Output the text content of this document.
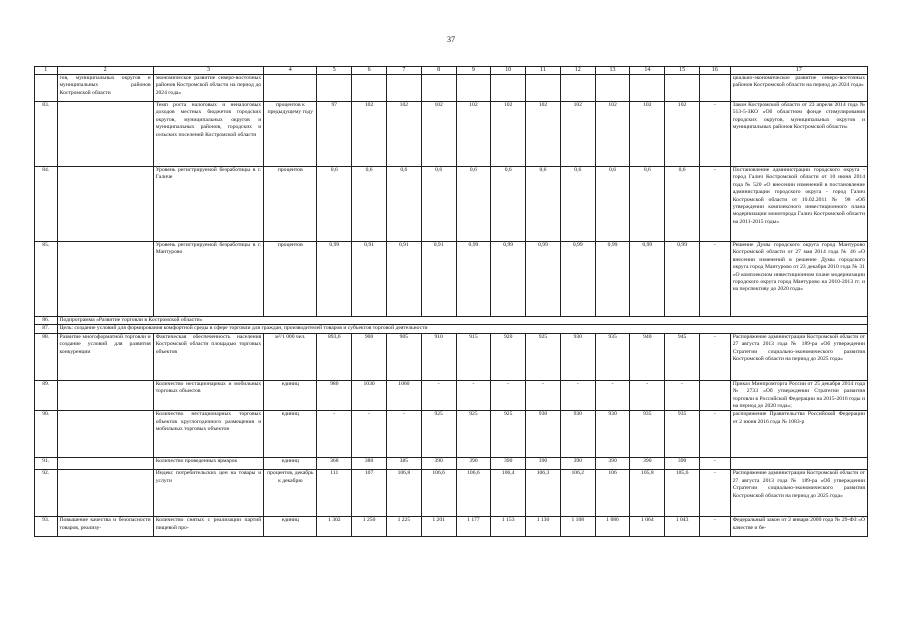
37
1	2	3	4	5	6	7	8	9	10	11	12	13	14	15	16	17
	гов, муниципальных округов и муниципальных районов Костромской области	экономическое развитие северо-восточных районов Костромской области на период до 2024 года»														циально-экономическое развитие северо-восточных районов Костромской области на период до 2024 года»
83.		Темп роста налоговых и неналоговых доходов местных бюджетов городских округов, муниципальных округов и муниципальных районов, городских и сельских поселений Костромской области	процентов к предыдущему году	97	102	102	102	102	102	102	102	102	102	102	-	Закон Костромской области от 23 апреля 2014 года № 513-5-ЗКО «Об областном фонде стимулирования городских округов, муниципальных округов и муниципальных районов Костромской области»
84.		Уровень регистрируемой безработицы в г. Галиче	процентов	0,6	0,6	0,6	0,6	0,6	0,6	0,6	0,6	0,6	0,6	0,6	-	Постановление администрации городского округа - город Галич Костромской области от 10 июня 2014 года № 520 «О внесении изменений в постановление администрации городского округа - город Галич Костромской области от 10.02.2011 № 98 «Об утверждении комплексного инвестиционного плана модернизации моногорода Галич Костромской области на 2011-2015 годы»
85.		Уровень регистрируемой безработицы в г. Мантурово	процентов	0,99	0,91	0,91	0,91	0,99	0,99	0,99	0,99	0,99	0,99	0,99	-	Решение Думы городского округа город Мантурово Костромской области от 27 мая 2014 года № 46 «О внесении изменений в решение Думы городского округа город Мантурово от 23 декабря 2010 года № 31 «О комплексном инвестиционном плане модернизации городского округа город Мантурово на 2010-2013 гг. и на перспективу до 2020 года»
86.	Подпрограмма «Развитие торговли в Костромской области»															
87.	Цель: создание условий для формирования комфортной среды в сфере торговли для граждан, производителей товаров и субъектов торговой деятельности															
88.	Развитие многоформатной торговли и создание условий для развития конкуренции	Фактическая обеспеченность населения Костромской области площадью торговых объектов	м²/1 000 чел.	893,6	900	905	910	915	920	925	930	935	940	945	-	Распоряжение администрации Костромской области от 27 августа 2013 года № 189-ра «Об утверждении Стратегии социально-экономического развития Костромской области на период до 2025 года»
89.		Количество нестационарных и мобильных торговых объектов	единиц	980	1030	1060	-	-	-	-	-	-	-	-		Приказ Минпромторга России от 25 декабря 2014 года № 2733 «Об утверждении Стратегии развития торговли в Российской Федерации на 2015-2016 годы и на период до 2020 года»;
90.		Количество нестационарных торговых объектов круглогодичного размещения и мобильных торговых объектов	единиц	-	-	-	925	925	925	930	930	930	935	935	-	распоряжение Правительства Российской Федерации от 2 июня 2016 года № 1083-р
91.		Количество проведенных ярмарок	единиц	368	380	385	390	390	390	390	390	390	390	390	-	
92.		Индекс потребительских цен на товары и услуги	процентов, декабрь к декабрю	111	107	106,8	106,6	106,6	106,4	106,3	106,2	106	105,8	105,6	-	Распоряжение администрации Костромской области от 27 августа 2013 года № 189-ра «Об утверждении Стратегии социально-экономического развития Костромской области на период до 2025 года»
93.	Повышение качества и безопасности товаров, реализу-	Количество снятых с реализации партий пищевой про-	единиц	1 302	1 250	1 225	1 201	1 177	1 153	1 130	1 108	1 086	1 064	1 043	-	Федеральный закон от 2 января 2000 года № 29-ФЗ «О качестве и бе-
